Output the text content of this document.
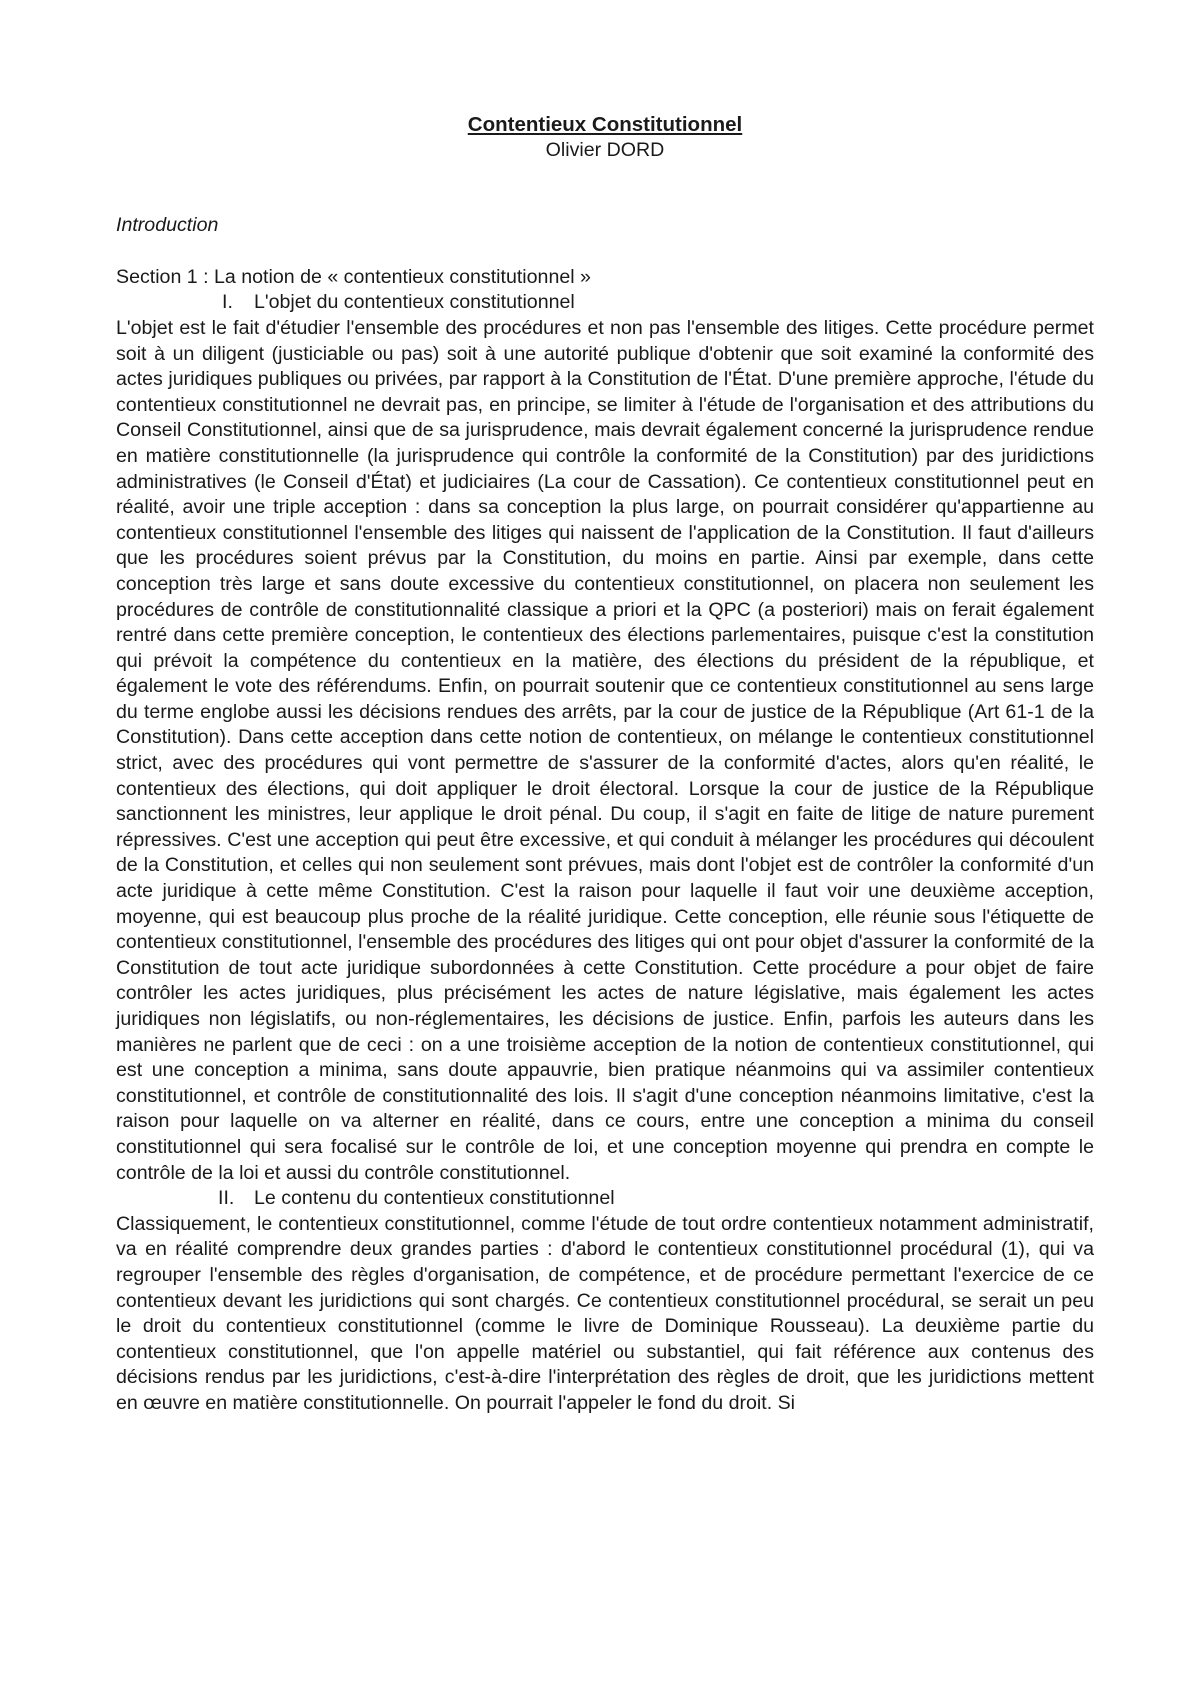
Contentieux Constitutionnel

Olivier DORD

Introduction

Section 1 : La notion de « contentieux constitutionnel »

I. L'objet du contentieux constitutionnel

L'objet est le fait d'étudier l'ensemble des procédures et non pas l'ensemble des litiges. Cette procédure permet soit à un diligent (justiciable ou pas) soit à une autorité publique d'obtenir que soit examiné la conformité des actes juridiques publiques ou privées, par rapport à la Constitution de l'État. D'une première approche, l'étude du contentieux constitutionnel ne devrait pas, en principe, se limiter à l'étude de l'organisation et des attributions du Conseil Constitutionnel, ainsi que de sa jurisprudence, mais devrait également concerné la jurisprudence rendue en matière constitutionnelle (la jurisprudence qui contrôle la conformité de la Constitution) par des juridictions administratives (le Conseil d'État) et judiciaires (La cour de Cassation). Ce contentieux constitutionnel peut en réalité, avoir une triple acception : dans sa conception la plus large, on pourrait considérer qu'appartienne au contentieux constitutionnel l'ensemble des litiges qui naissent de l'application de la Constitution. Il faut d'ailleurs que les procédures soient prévus par la Constitution, du moins en partie. Ainsi par exemple, dans cette conception très large et sans doute excessive du contentieux constitutionnel, on placera non seulement les procédures de contrôle de constitutionnalité classique a priori et la QPC (a posteriori) mais on ferait également rentré dans cette première conception, le contentieux des élections parlementaires, puisque c'est la constitution qui prévoit la compétence du contentieux en la matière, des élections du président de la république, et également le vote des référendums. Enfin, on pourrait soutenir que ce contentieux constitutionnel au sens large du terme englobe aussi les décisions rendues des arrêts, par la cour de justice de la République (Art 61-1 de la Constitution). Dans cette acception dans cette notion de contentieux, on mélange le contentieux constitutionnel strict, avec des procédures qui vont permettre de s'assurer de la conformité d'actes, alors qu'en réalité, le contentieux des élections, qui doit appliquer le droit électoral. Lorsque la cour de justice de la République sanctionnent les ministres, leur applique le droit pénal. Du coup, il s'agit en faite de litige de nature purement répressives. C'est une acception qui peut être excessive, et qui conduit à mélanger les procédures qui découlent de la Constitution, et celles qui non seulement sont prévues, mais dont l'objet est de contrôler la conformité d'un acte juridique à cette même Constitution. C'est la raison pour laquelle il faut voir une deuxième acception, moyenne, qui est beaucoup plus proche de la réalité juridique. Cette conception, elle réunie sous l'étiquette de contentieux constitutionnel, l'ensemble des procédures des litiges qui ont pour objet d'assurer la conformité de la Constitution de tout acte juridique subordonnées à cette Constitution. Cette procédure a pour objet de faire contrôler les actes juridiques, plus précisément les actes de nature législative, mais également les actes juridiques non législatifs, ou non-réglementaires, les décisions de justice. Enfin, parfois les auteurs dans les manières ne parlent que de ceci : on a une troisième acception de la notion de contentieux constitutionnel, qui est une conception a minima, sans doute appauvrie, bien pratique néanmoins qui va assimiler contentieux constitutionnel, et contrôle de constitutionnalité des lois. Il s'agit d'une conception néanmoins limitative, c'est la raison pour laquelle on va alterner en réalité, dans ce cours, entre une conception a minima du conseil constitutionnel qui sera focalisé sur le contrôle de loi, et une conception moyenne qui prendra en compte le contrôle de la loi et aussi du contrôle constitutionnel.

II. Le contenu du contentieux constitutionnel

Classiquement, le contentieux constitutionnel, comme l'étude de tout ordre contentieux notamment administratif, va en réalité comprendre deux grandes parties : d'abord le contentieux constitutionnel procédural (1), qui va regrouper l'ensemble des règles d'organisation, de compétence, et de procédure permettant l'exercice de ce contentieux devant les juridictions qui sont chargés. Ce contentieux constitutionnel procédural, se serait un peu le droit du contentieux constitutionnel (comme le livre de Dominique Rousseau). La deuxième partie du contentieux constitutionnel, que l'on appelle matériel ou substantiel, qui fait référence aux contenus des décisions rendus par les juridictions, c'est-à-dire l'interprétation des règles de droit, que les juridictions mettent en œuvre en matière constitutionnelle. On pourrait l'appeler le fond du droit. Si
